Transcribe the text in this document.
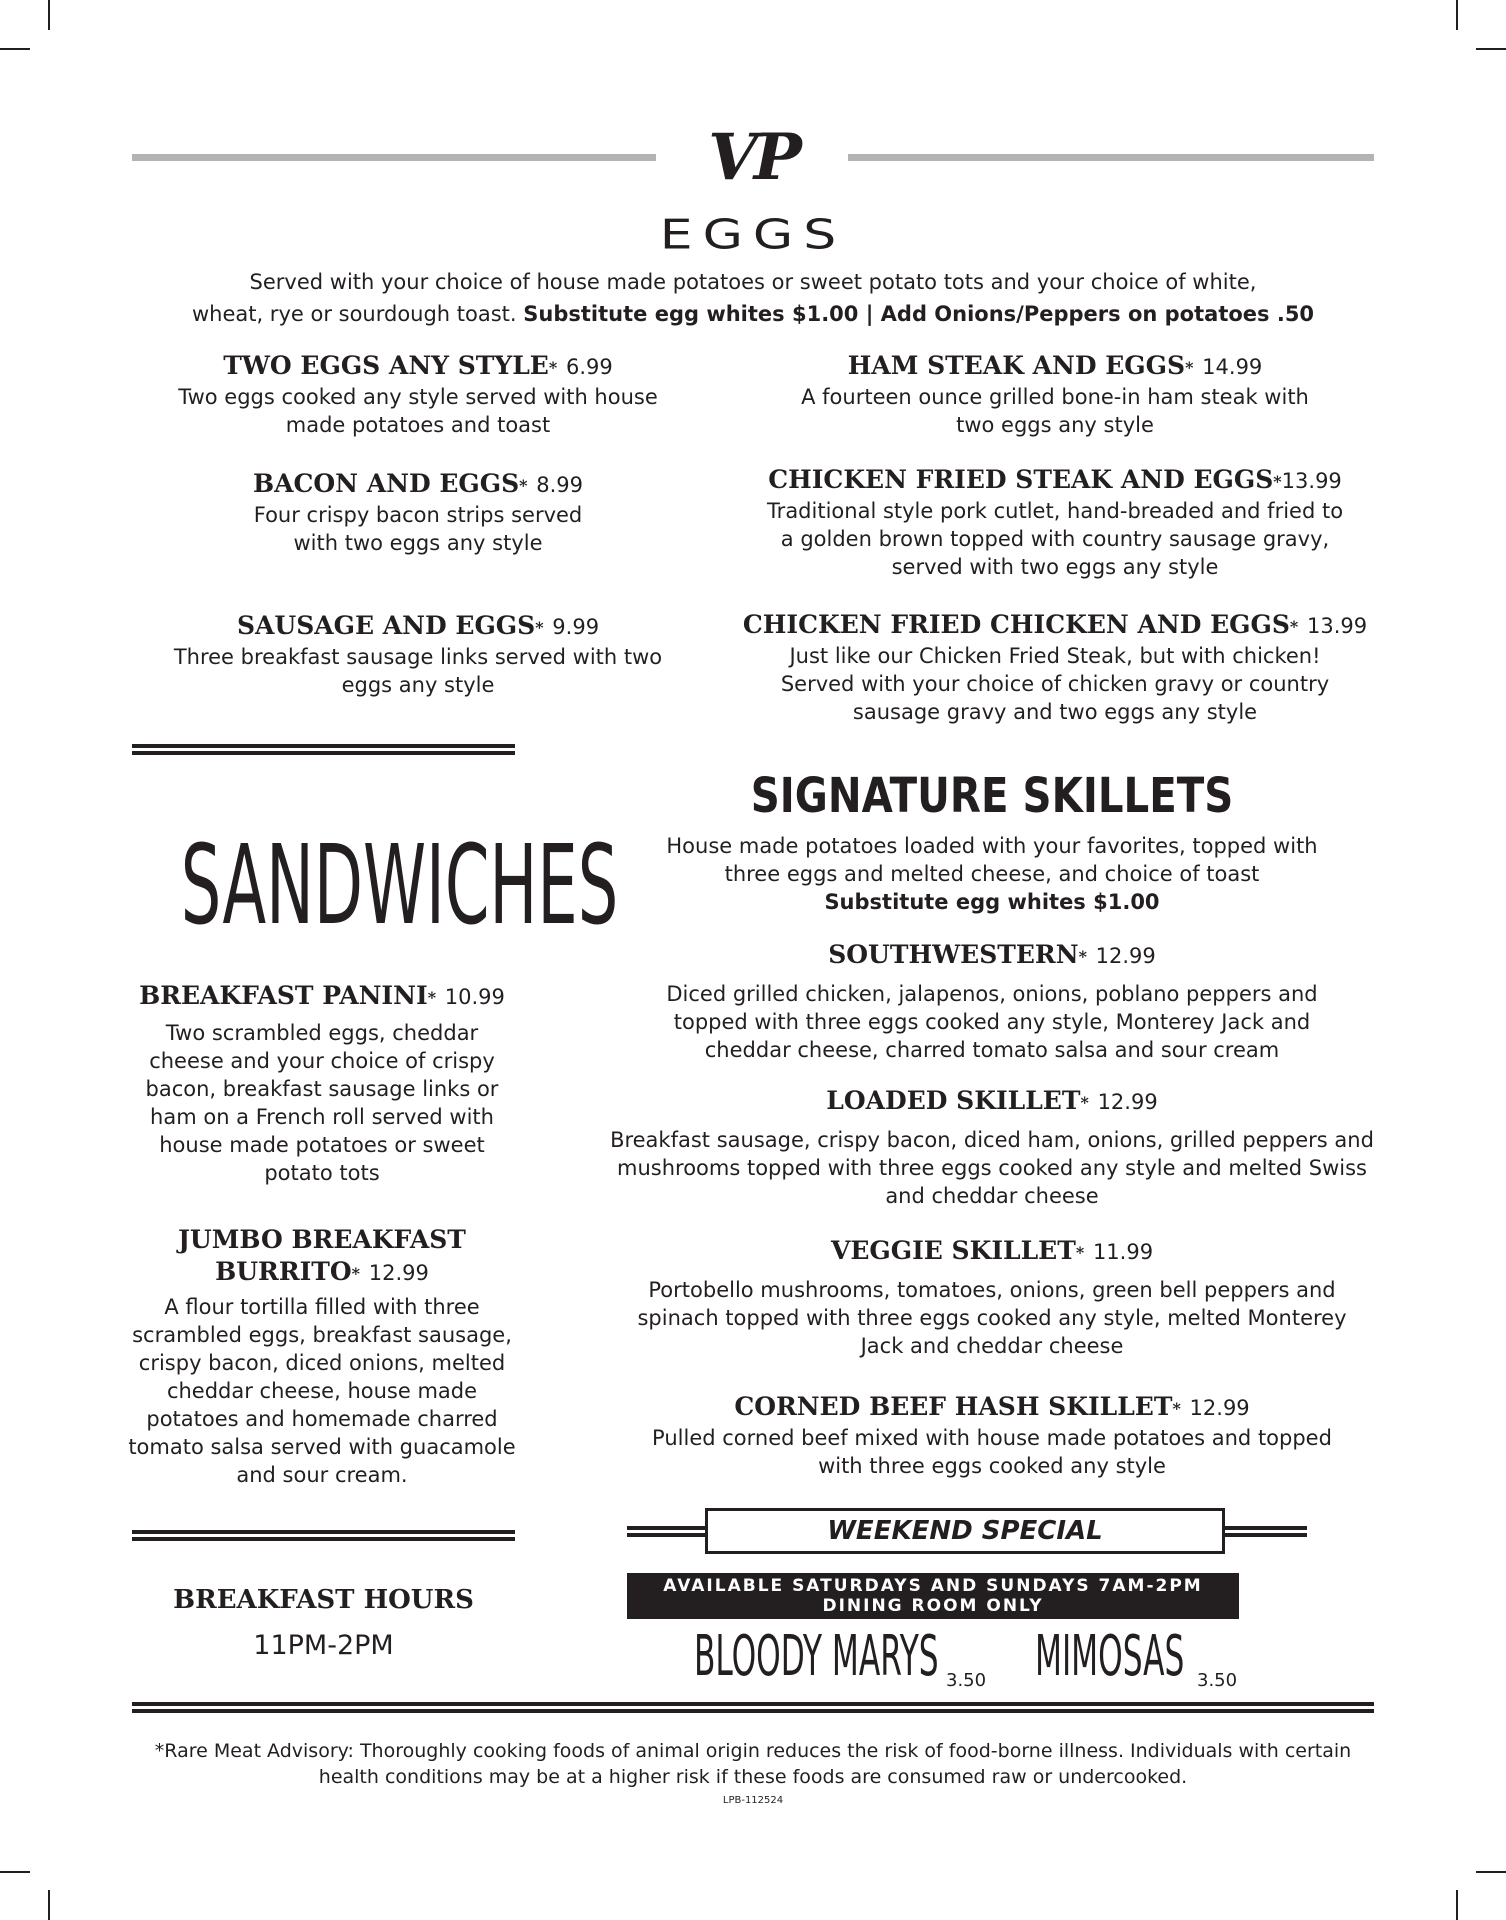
VP
EGGS
Served with your choice of house made potatoes or sweet potato tots and your choice of white,
wheat, rye or sourdough toast. Substitute egg whites $1.00 | Add Onions/Peppers on potatoes .50
TWO EGGS ANY STYLE* 6.99
Two eggs cooked any style served with house made potatoes and toast
BACON AND EGGS* 8.99
Four crispy bacon strips served with two eggs any style
SAUSAGE AND EGGS* 9.99
Three breakfast sausage links served with two eggs any style
HAM STEAK AND EGGS* 14.99
A fourteen ounce grilled bone-in ham steak with two eggs any style
CHICKEN FRIED STEAK AND EGGS*13.99
Traditional style pork cutlet, hand-breaded and fried to a golden brown topped with country sausage gravy, served with two eggs any style
CHICKEN FRIED CHICKEN AND EGGS* 13.99
Just like our Chicken Fried Steak, but with chicken! Served with your choice of chicken gravy or country sausage gravy and two eggs any style
SANDWICHES
BREAKFAST PANINI* 10.99
Two scrambled eggs, cheddar cheese and your choice of crispy bacon, breakfast sausage links or ham on a French roll served with house made potatoes or sweet potato tots
JUMBO BREAKFAST
BURRITO* 12.99
A flour tortilla filled with three scrambled eggs, breakfast sausage, crispy bacon, diced onions, melted cheddar cheese, house made potatoes and homemade charred tomato salsa served with guacamole and sour cream.
BREAKFAST HOURS
11PM-2PM
SIGNATURE SKILLETS
House made potatoes loaded with your favorites, topped with three eggs and melted cheese, and choice of toast
Substitute egg whites $1.00
SOUTHWESTERN* 12.99
Diced grilled chicken, jalapenos, onions, poblano peppers and topped with three eggs cooked any style, Monterey Jack and cheddar cheese, charred tomato salsa and sour cream
LOADED SKILLET* 12.99
Breakfast sausage, crispy bacon, diced ham, onions, grilled peppers and mushrooms topped with three eggs cooked any style and melted Swiss and cheddar cheese
VEGGIE SKILLET* 11.99
Portobello mushrooms, tomatoes, onions, green bell peppers and spinach topped with three eggs cooked any style, melted Monterey Jack and cheddar cheese
CORNED BEEF HASH SKILLET* 12.99
Pulled corned beef mixed with house made potatoes and topped with three eggs cooked any style
WEEKEND SPECIAL
AVAILABLE SATURDAYS AND SUNDAYS 7AM-2PM
DINING ROOM ONLY
BLOODY MARYS 3.50 MIMOSAS 3.50
*Rare Meat Advisory: Thoroughly cooking foods of animal origin reduces the risk of food-borne illness. Individuals with certain health conditions may be at a higher risk if these foods are consumed raw or undercooked.
LPB-112524
